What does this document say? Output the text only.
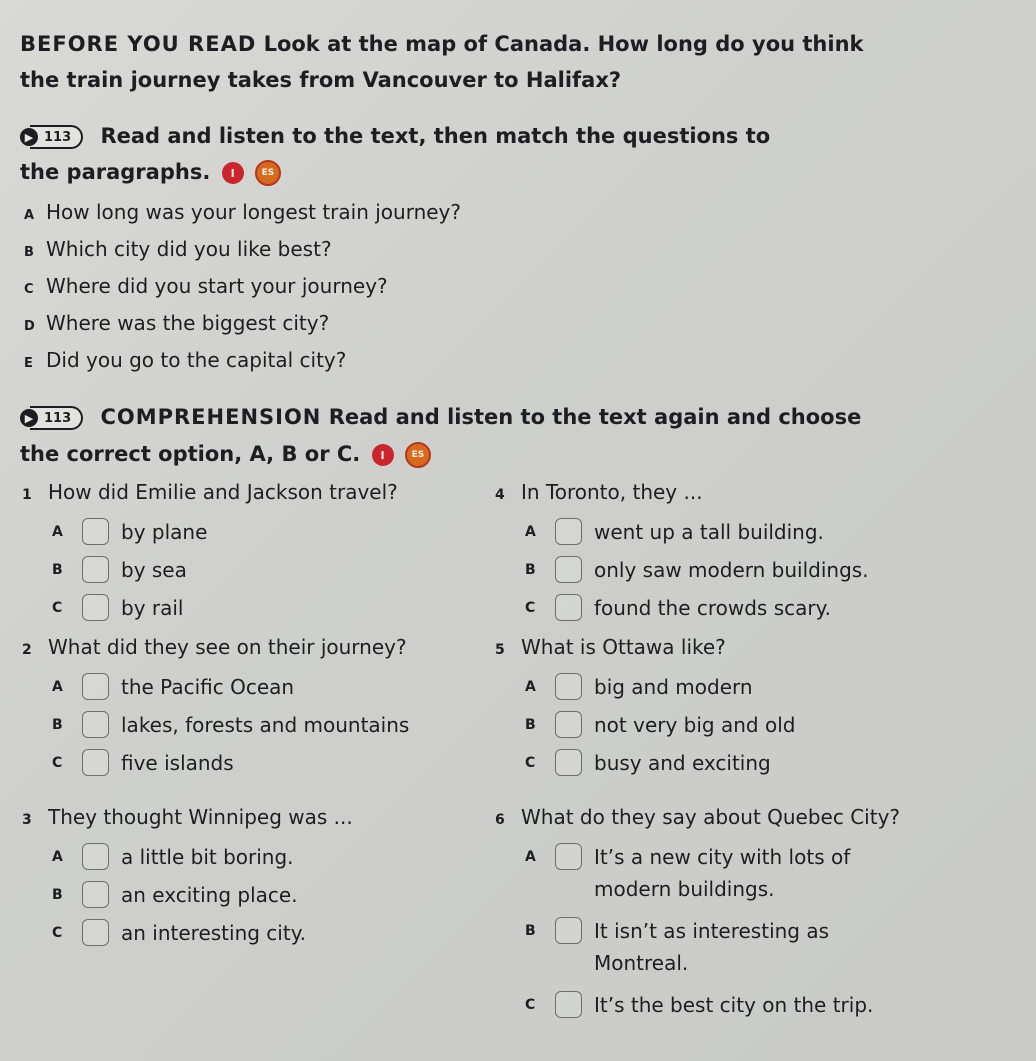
BEFORE YOU READ Look at the map of Canada. How long do you think
the train journey takes from Vancouver to Halifax?
▶ 113	Read and listen to the text, then match the questions to
the paragraphs. I	ES
A How long was your longest train journey?
B Which city did you like best?
C Where did you start your journey?
D Where was the biggest city?
E Did you go to the capital city?
▶ 113	COMPREHENSION Read and listen to the text again and choose
the correct option, A, B or C. I	ES
1 How did Emilie and Jackson travel?
A	by plane
B	by sea
C	by rail
2 What did they see on their journey?
A	the Pacific Ocean
B	lakes, forests and mountains
C	five islands
3 They thought Winnipeg was ...
A	a little bit boring.
B	an exciting place.
C	an interesting city.
4 In Toronto, they ...
A	went up a tall building.
B	only saw modern buildings.
C	found the crowds scary.
5 What is Ottawa like?
A	big and modern
B	not very big and old
C	busy and exciting
6 What do they say about Quebec City?
A	It’s a new city with lots of
modern buildings.
B	It isn’t as interesting as
Montreal.
C	It’s the best city on the trip.
